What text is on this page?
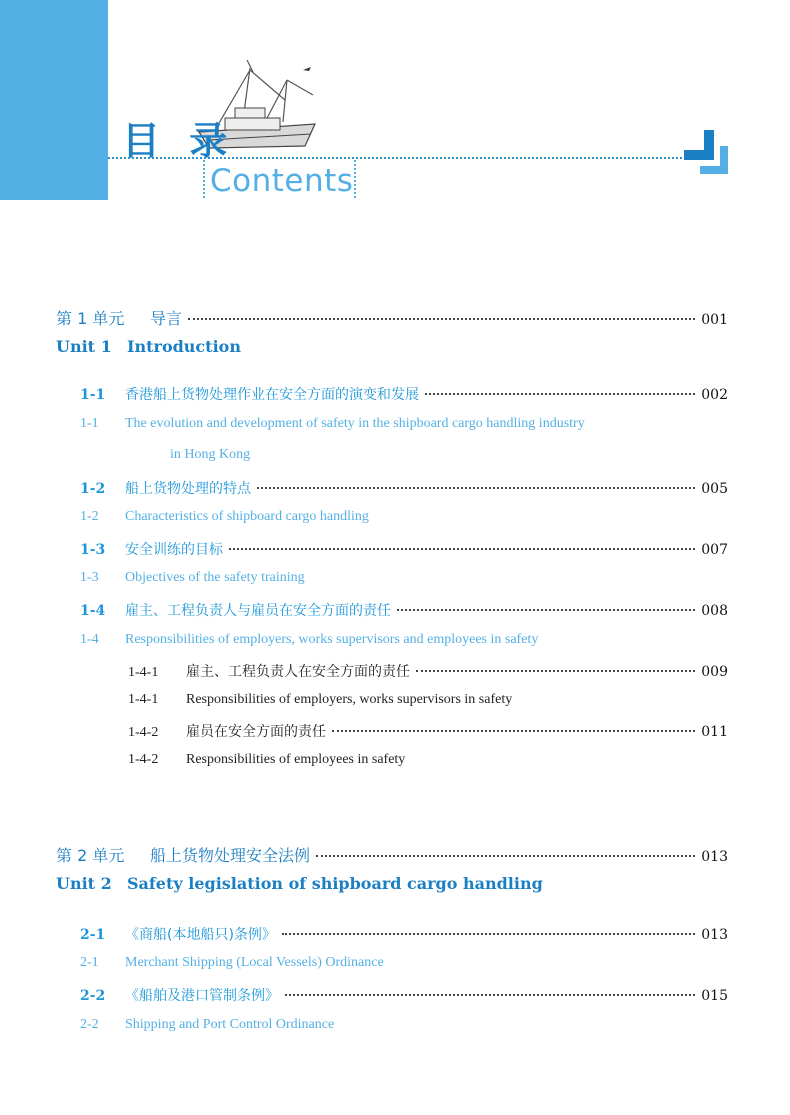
目 录
Contents
第 1 单元	导言	001
Unit 1 Introduction
1-1	香港船上货物处理作业在安全方面的演变和发展	002
1-1	The evolution and development of safety in the shipboard cargo handling industry
in Hong Kong
1-2	船上货物处理的特点	005
1-2	Characteristics of shipboard cargo handling
1-3	安全训练的目标	007
1-3	Objectives of the safety training
1-4	雇主、工程负责人与雇员在安全方面的责任	008
1-4	Responsibilities of employers, works supervisors and employees in safety
1-4-1	雇主、工程负责人在安全方面的责任	009
1-4-1	Responsibilities of employers, works supervisors in safety
1-4-2	雇员在安全方面的责任	011
1-4-2	Responsibilities of employees in safety
第 2 单元	船上货物处理安全法例	013
Unit 2 Safety legislation of shipboard cargo handling
2-1	《商船(本地船只)条例》	013
2-1	Merchant Shipping (Local Vessels) Ordinance
2-2	《船舶及港口管制条例》	015
2-2	Shipping and Port Control Ordinance
